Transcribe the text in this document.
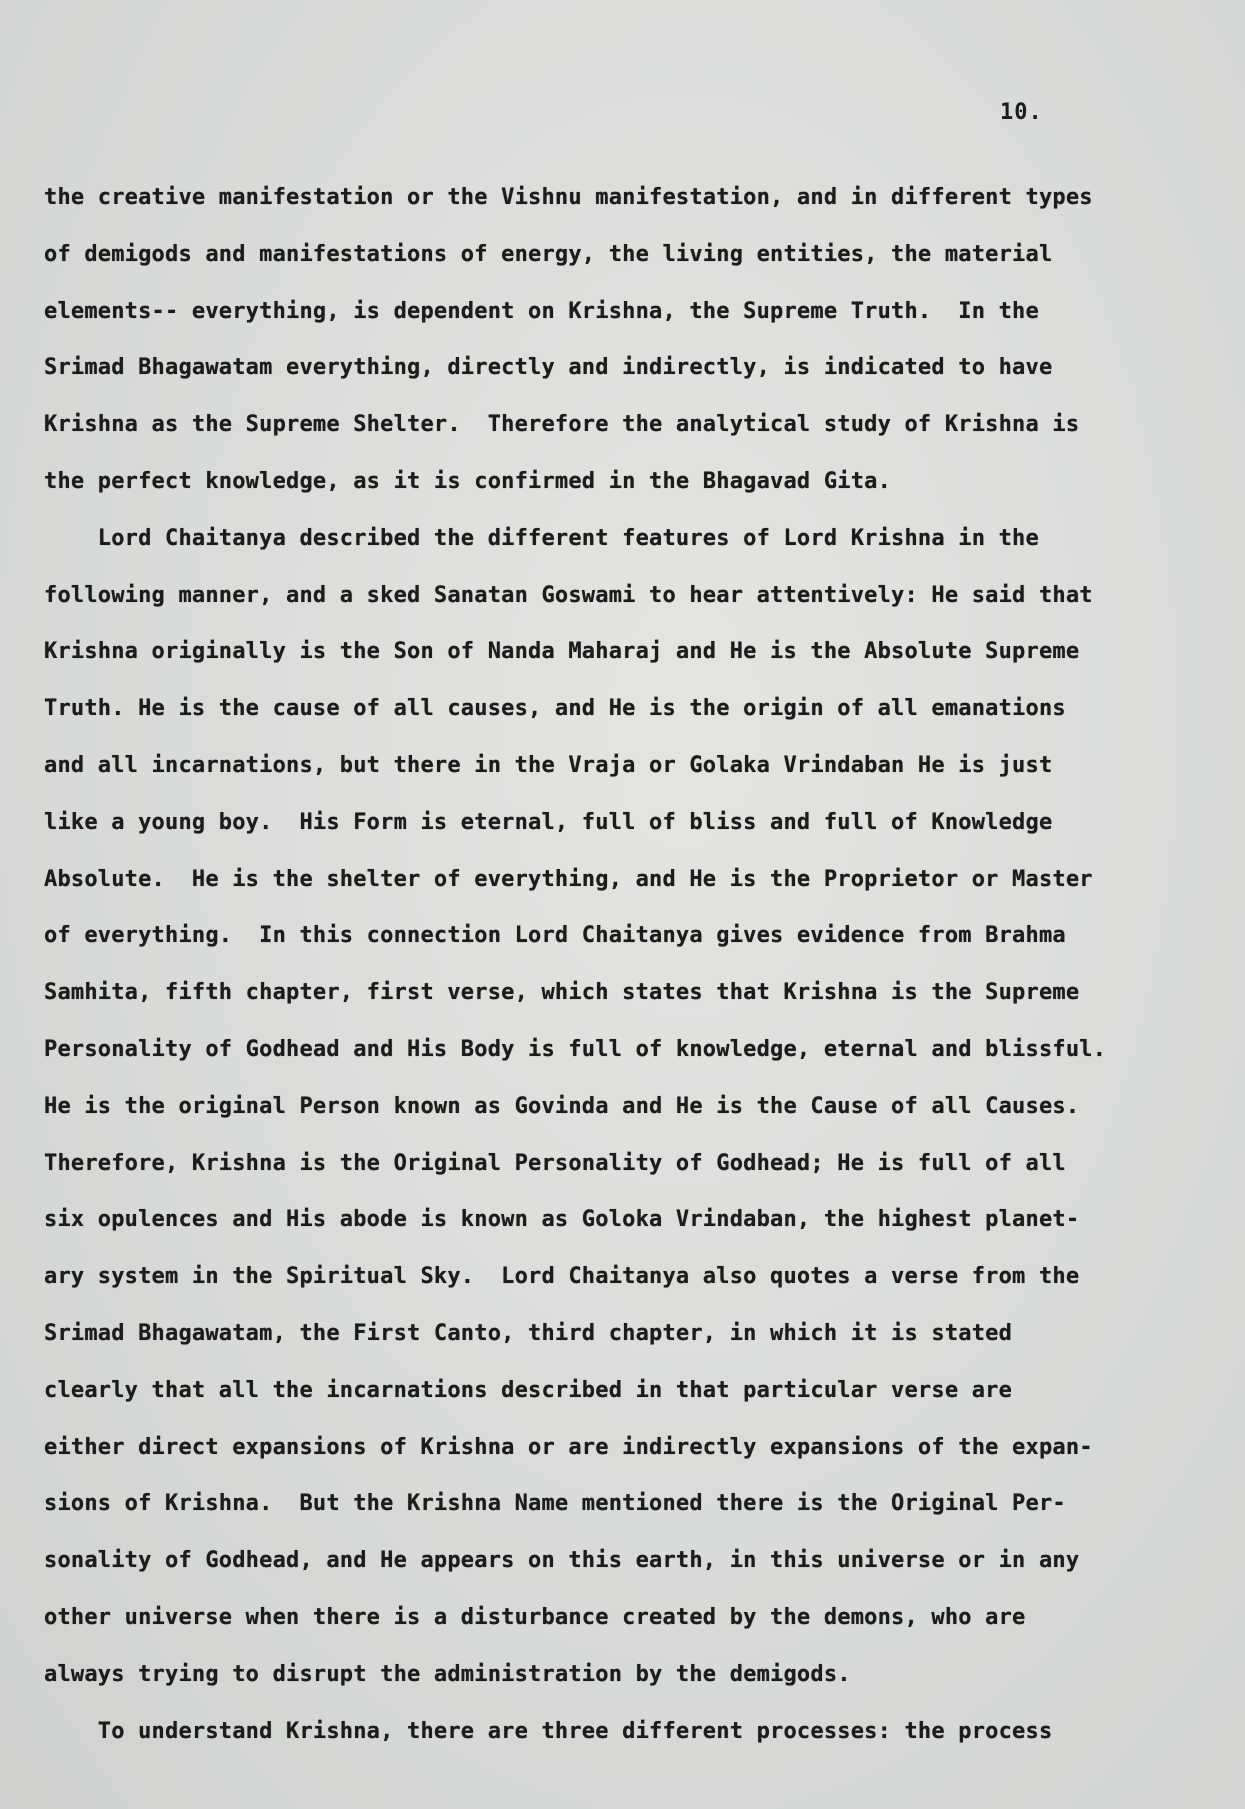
10.
the creative manifestation or the Vishnu manifestation, and in different types
of demigods and manifestations of energy, the living entities, the material
elements-- everything, is dependent on Krishna, the Supreme Truth.  In the
Srimad Bhagawatam everything, directly and indirectly, is indicated to have
Krishna as the Supreme Shelter.  Therefore the analytical study of Krishna is
the perfect knowledge, as it is confirmed in the Bhagavad Gita.
Lord Chaitanya described the different features of Lord Krishna in the
following manner, and a sked Sanatan Goswami to hear attentively: He said that
Krishna originally is the Son of Nanda Maharaj and He is the Absolute Supreme
Truth. He is the cause of all causes, and He is the origin of all emanations
and all incarnations, but there in the Vraja or Golaka Vrindaban He is just
like a young boy.  His Form is eternal, full of bliss and full of Knowledge
Absolute.  He is the shelter of everything, and He is the Proprietor or Master
of everything.  In this connection Lord Chaitanya gives evidence from Brahma
Samhita, fifth chapter, first verse, which states that Krishna is the Supreme
Personality of Godhead and His Body is full of knowledge, eternal and blissful.
He is the original Person known as Govinda and He is the Cause of all Causes.
Therefore, Krishna is the Original Personality of Godhead; He is full of all
six opulences and His abode is known as Goloka Vrindaban, the highest planet-
ary system in the Spiritual Sky.  Lord Chaitanya also quotes a verse from the
Srimad Bhagawatam, the First Canto, third chapter, in which it is stated
clearly that all the incarnations described in that particular verse are
either direct expansions of Krishna or are indirectly expansions of the expan-
sions of Krishna.  But the Krishna Name mentioned there is the Original Per-
sonality of Godhead, and He appears on this earth, in this universe or in any
other universe when there is a disturbance created by the demons, who are
always trying to disrupt the administration by the demigods.
To understand Krishna, there are three different processes: the process
